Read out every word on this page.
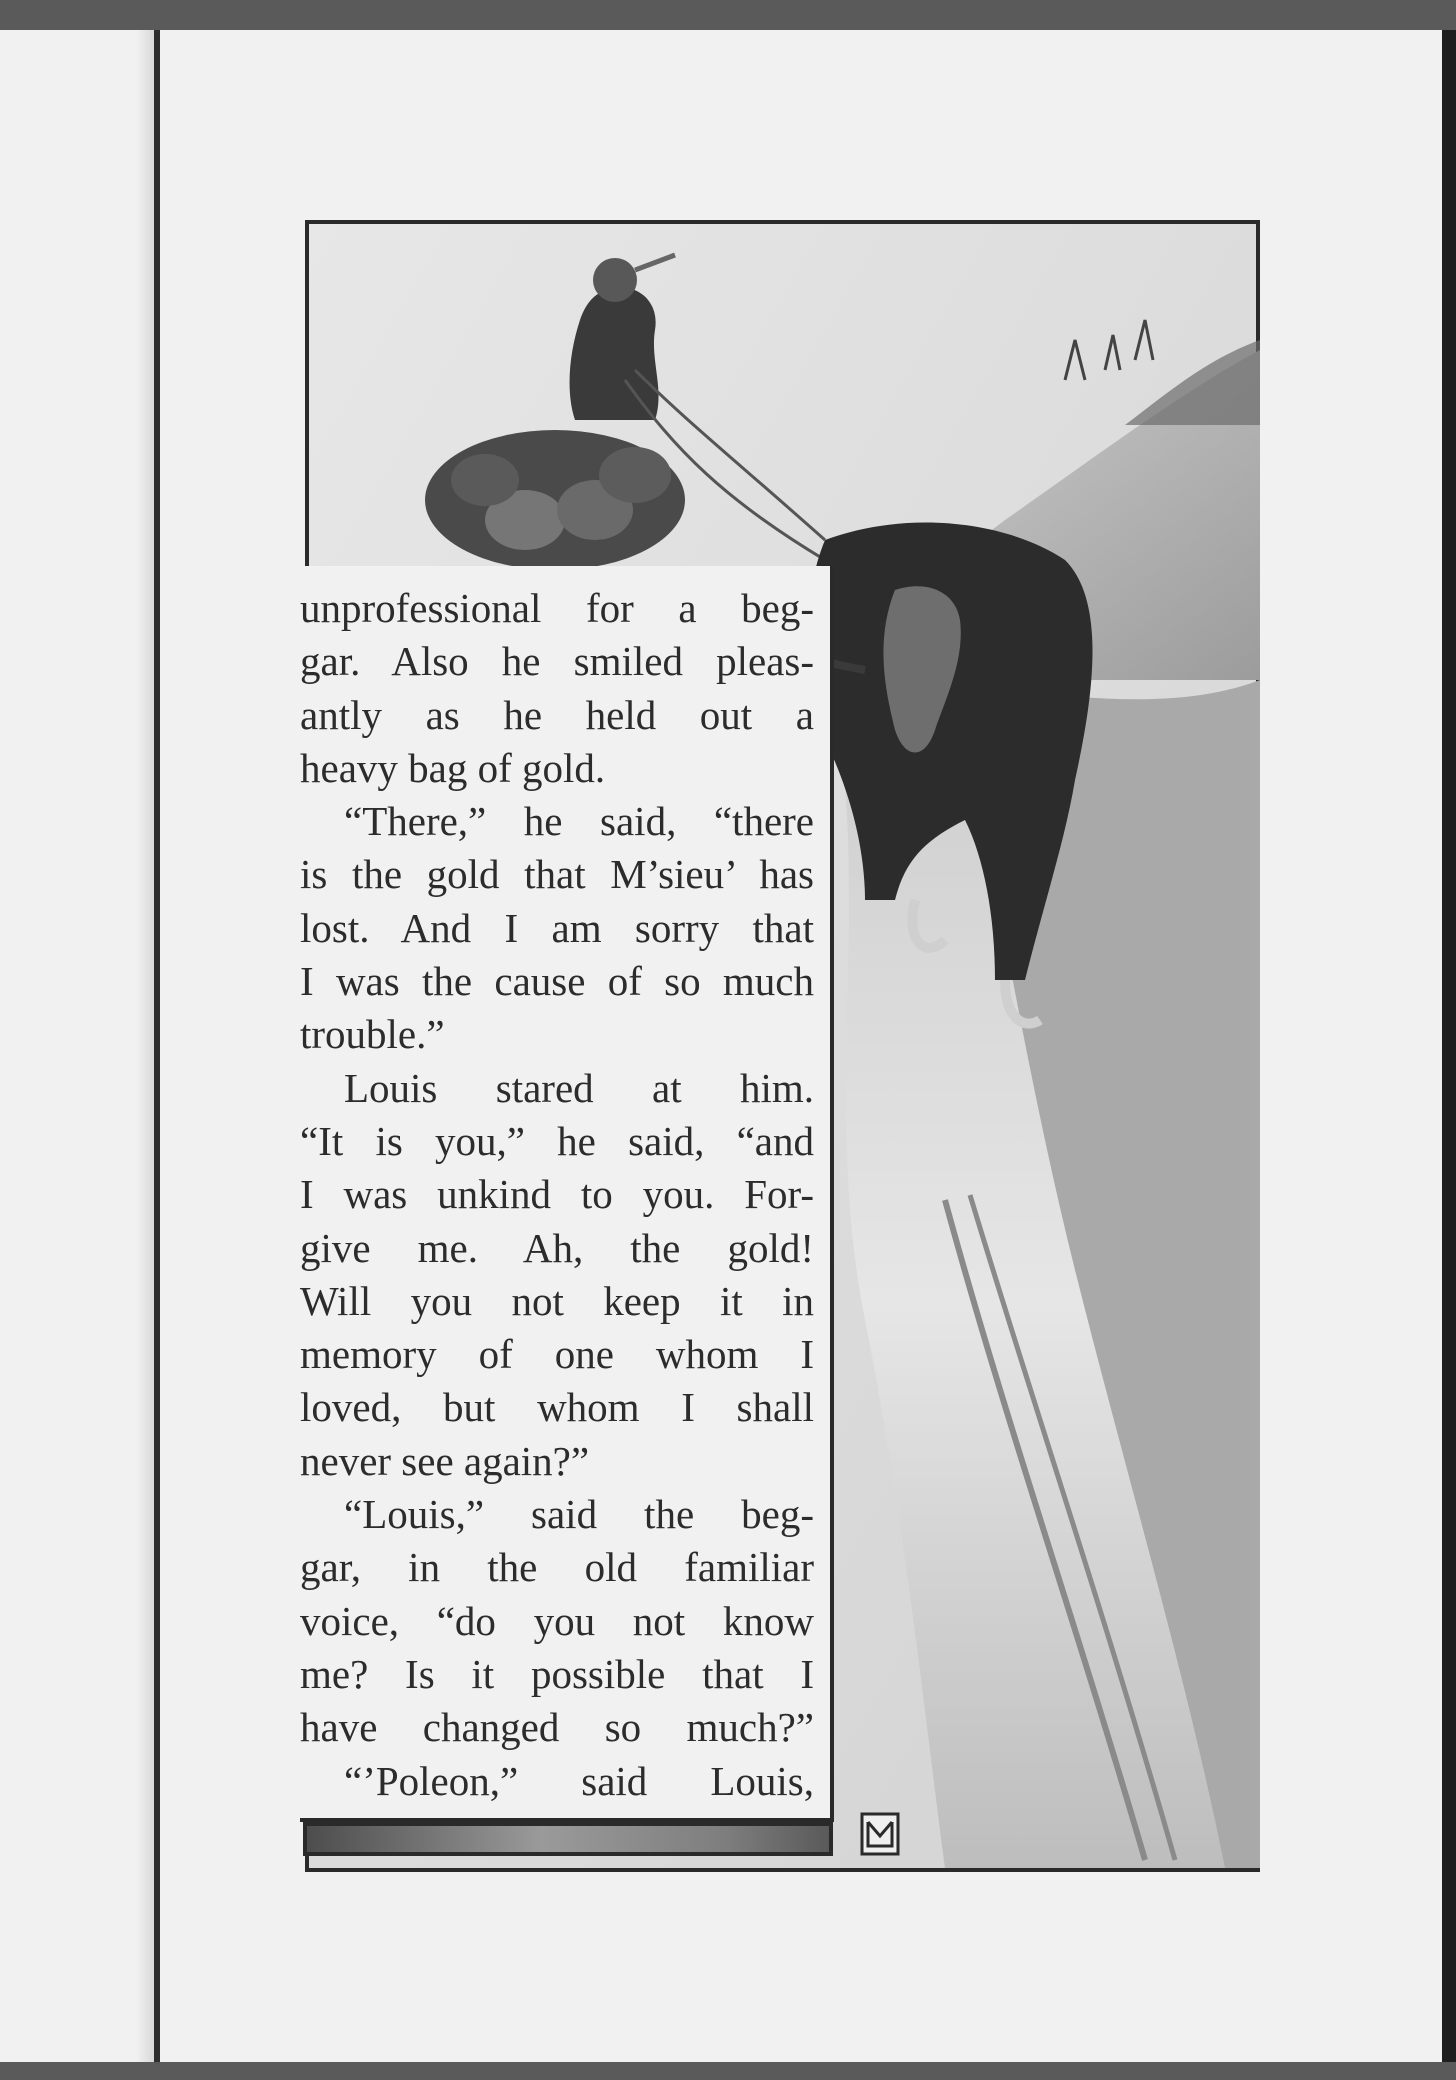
unprofessional for a beg-
gar. Also he smiled pleas-
antly as he held out a
heavy bag of gold.
“There,” he said, “there
is the gold that M’sieu’ has
lost. And I am sorry that
I was the cause of so much
trouble.”
Louis stared at him.
“It is you,” he said, “and
I was unkind to you. For-
give me. Ah, the gold!
Will you not keep it in
memory of one whom I
loved, but whom I shall
never see again?”
“Louis,” said the beg-
gar, in the old familiar
voice, “do you not know
me? Is it possible that I
have changed so much?”
“’Poleon,” said Louis,
